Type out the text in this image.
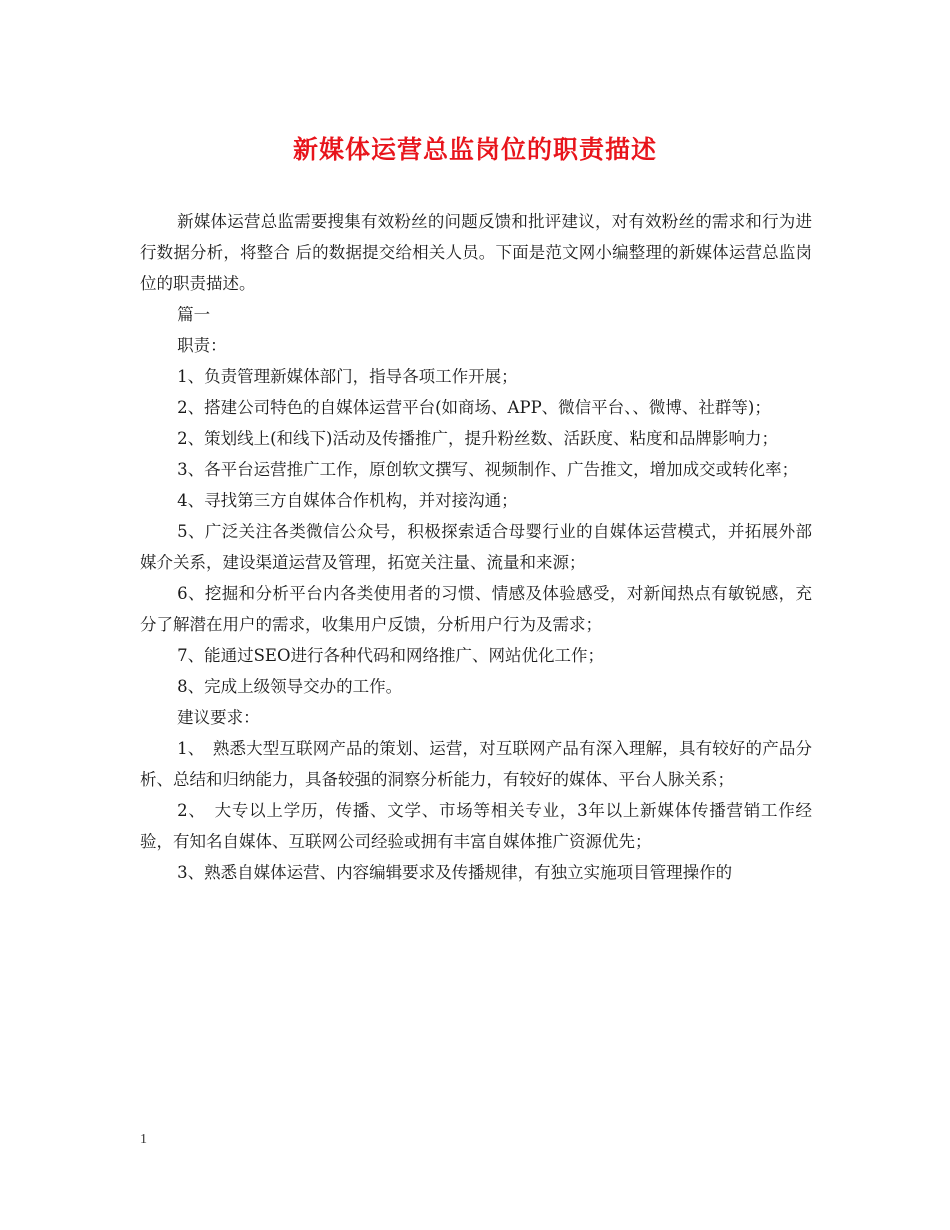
新媒体运营总监岗位的职责描述

新媒体运营总监需要搜集有效粉丝的问题反馈和批评建议，对有效粉丝的需求和行为进行数据分析，将整合 后的数据提交给相关人员。下面是范文网小编整理的新媒体运营总监岗位的职责描述。

篇一

职责：

1、负责管理新媒体部门，指导各项工作开展；

2、搭建公司特色的自媒体运营平台(如商场、APP、微信平台、、微博、社群等)；

2、策划线上(和线下)活动及传播推广，提升粉丝数、活跃度、粘度和品牌影响力；

3、各平台运营推广工作，原创软文撰写、视频制作、广告推文，增加成交或转化率；

4、寻找第三方自媒体合作机构，并对接沟通；

5、广泛关注各类微信公众号，积极探索适合母婴行业的自媒体运营模式，并拓展外部媒介关系，建设渠道运营及管理，拓宽关注量、流量和来源；

6、挖掘和分析平台内各类使用者的习惯、情感及体验感受，对新闻热点有敏锐感，充分了解潜在用户的需求，收集用户反馈，分析用户行为及需求；

7、能通过SEO进行各种代码和网络推广、网站优化工作；

8、完成上级领导交办的工作。

建议要求：

1、　熟悉大型互联网产品的策划、运营，对互联网产品有深入理解，具有较好的产品分析、总结和归纳能力，具备较强的洞察分析能力，有较好的媒体、平台人脉关系；

2、　大专以上学历，传播、文学、市场等相关专业，3年以上新媒体传播营销工作经验，有知名自媒体、互联网公司经验或拥有丰富自媒体推广资源优先；

3、熟悉自媒体运营、内容编辑要求及传播规律，有独立实施项目管理操作的

1
